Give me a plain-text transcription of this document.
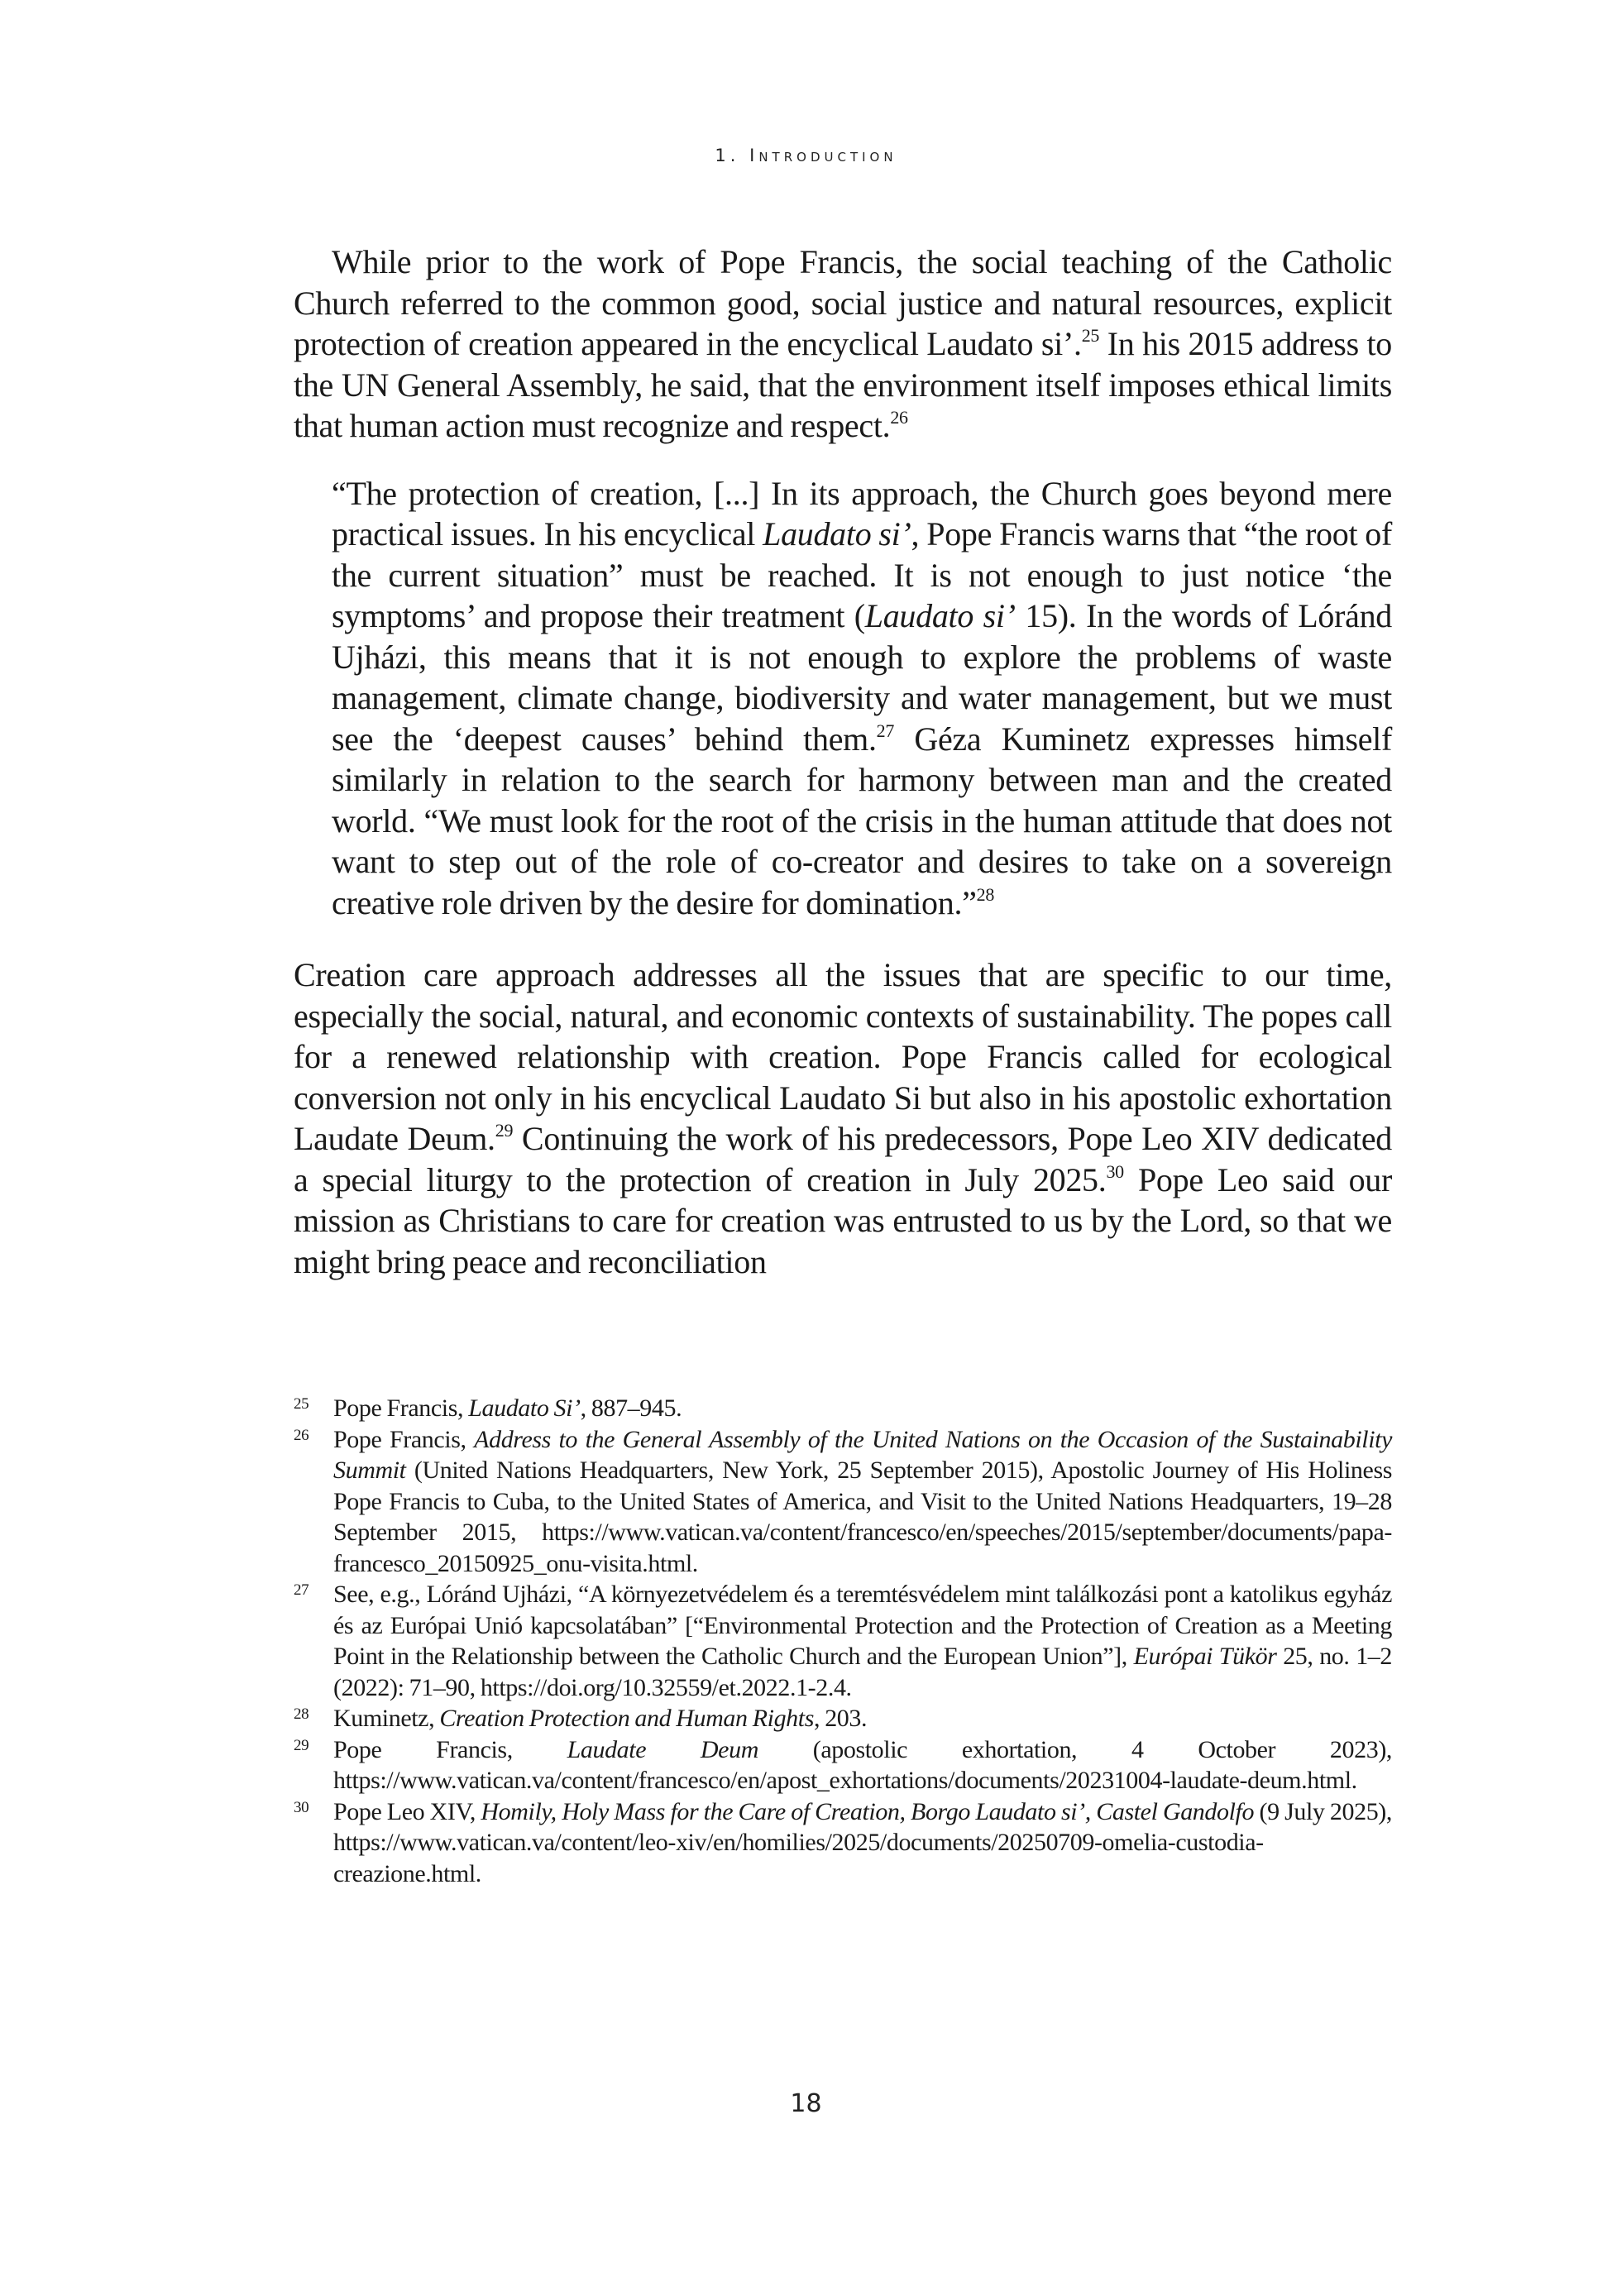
1. Introduction

While prior to the work of Pope Francis, the social teaching of the Catholic Church referred to the common good, social justice and natural resources, explicit protection of creation appeared in the encyclical Laudato si’.$^{25}$ In his 2015 address to the UN General Assembly, he said, that the environment itself imposes ethical limits that human action must recognize and respect.$^{26}$

“The protection of creation, [...] In its approach, the Church goes beyond mere practical issues. In his encyclical Laudato si’, Pope Francis warns that “the root of the current situation” must be reached. It is not enough to just notice ‘the symptoms’ and propose their treatment (Laudato si’ 15). In the words of Lóránd Ujházi, this means that it is not enough to explore the problems of waste management, climate change, biodiversity and water management, but we must see the ‘deepest causes’ behind them.$^{27}$ Géza Kuminetz expresses himself similarly in relation to the search for harmony between man and the created world. “We must look for the root of the crisis in the human attitude that does not want to step out of the role of co-creator and desires to take on a sovereign creative role driven by the desire for domination.”$^{28}$

Creation care approach addresses all the issues that are specific to our time, especially the social, natural, and economic contexts of sustainability. The popes call for a renewed relationship with creation. Pope Francis called for ecological conversion not only in his encyclical Laudato Si but also in his apostolic exhortation Laudate Deum.$^{29}$ Continuing the work of his predecessors, Pope Leo XIV dedicated a special liturgy to the protection of creation in July 2025.30 Pope Leo said our mission as Christians to care for creation was entrusted to us by the Lord, so that we might bring peace and reconciliation

25 Pope Francis, Laudato Si’, 887–945.
26 Pope Francis, Address to the General Assembly of the United Nations on the Occasion of the Sustainability Summit (United Nations Headquarters, New York, 25 September 2015), Apostolic Journey of His Holiness Pope Francis to Cuba, to the United States of America, and Visit to the United Nations Headquarters, 19–28 September 2015, https://www.vatican.va/content/francesco/en/speeches/2015/september/documents/papa-francesco_20150925_onu-visita.html.
27 See, e.g., Lóránd Ujházi, “A környezetvédelem és a teremtésvédelem mint találkozási pont a katolikus egyház és az Európai Unió kapcsolatában” [“Environmental Protection and the Protection of Creation as a Meeting Point in the Relationship between the Catholic Church and the European Union”], Európai Tükör 25, no. 1–2 (2022): 71–90, https://doi.org/10.32559/et.2022.1-2.4.
28 Kuminetz, Creation Protection and Human Rights, 203.
29 Pope Francis, Laudate Deum (apostolic exhortation, 4 October 2023), https://www.vatican.va/content/francesco/en/apost_exhortations/documents/20231004-laudate-deum.html.
30 Pope Leo XIV, Homily, Holy Mass for the Care of Creation, Borgo Laudato si’, Castel Gandolfo (9 July 2025), https://www.vatican.va/content/leo-xiv/en/homilies/2025/documents/20250709-omelia-custodia-creazione.html.
18
